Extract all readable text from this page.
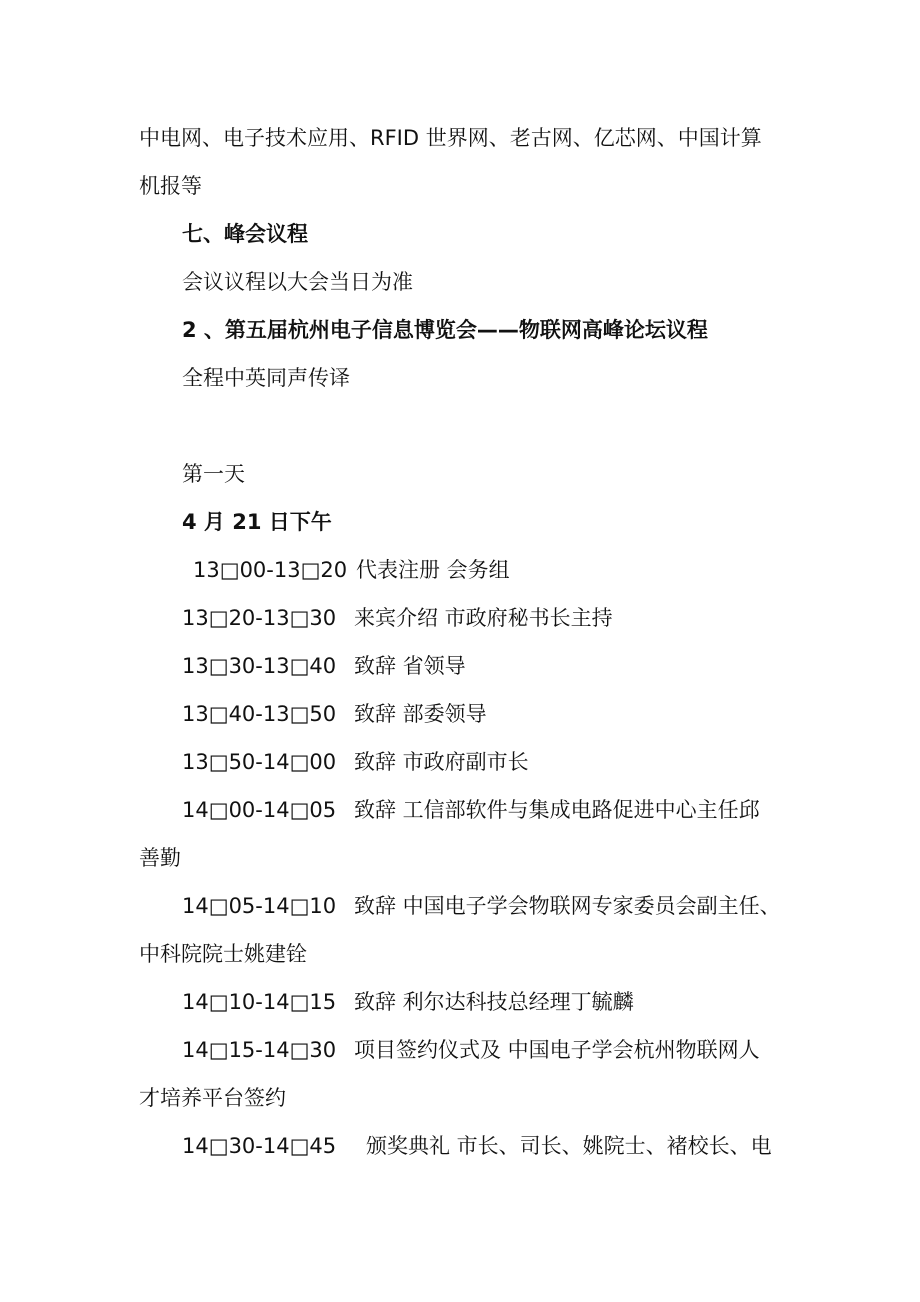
中电网、电子技术应用、RFID 世界网、老古网、亿芯网、中国计算
机报等
七、峰会议程
会议议程以大会当日为准
2 、第五届杭州电子信息博览会——物联网高峰论坛议程
全程中英同声传译
第一天
4 月 21 日下午
13□00-13□20 代表注册 会务组
13□20-13□30 来宾介绍 市政府秘书长主持
13□30-13□40 致辞 省领导
13□40-13□50 致辞 部委领导
13□50-14□00 致辞 市政府副市长
14□00-14□05 致辞 工信部软件与集成电路促进中心主任邱
善勤
14□05-14□10 致辞 中国电子学会物联网专家委员会副主任、
中科院院士姚建铨
14□10-14□15 致辞 利尔达科技总经理丁毓麟
14□15-14□30 项目签约仪式及 中国电子学会杭州物联网人
才培养平台签约
14□30-14□45 颁奖典礼 市长、司长、姚院士、褚校长、电
